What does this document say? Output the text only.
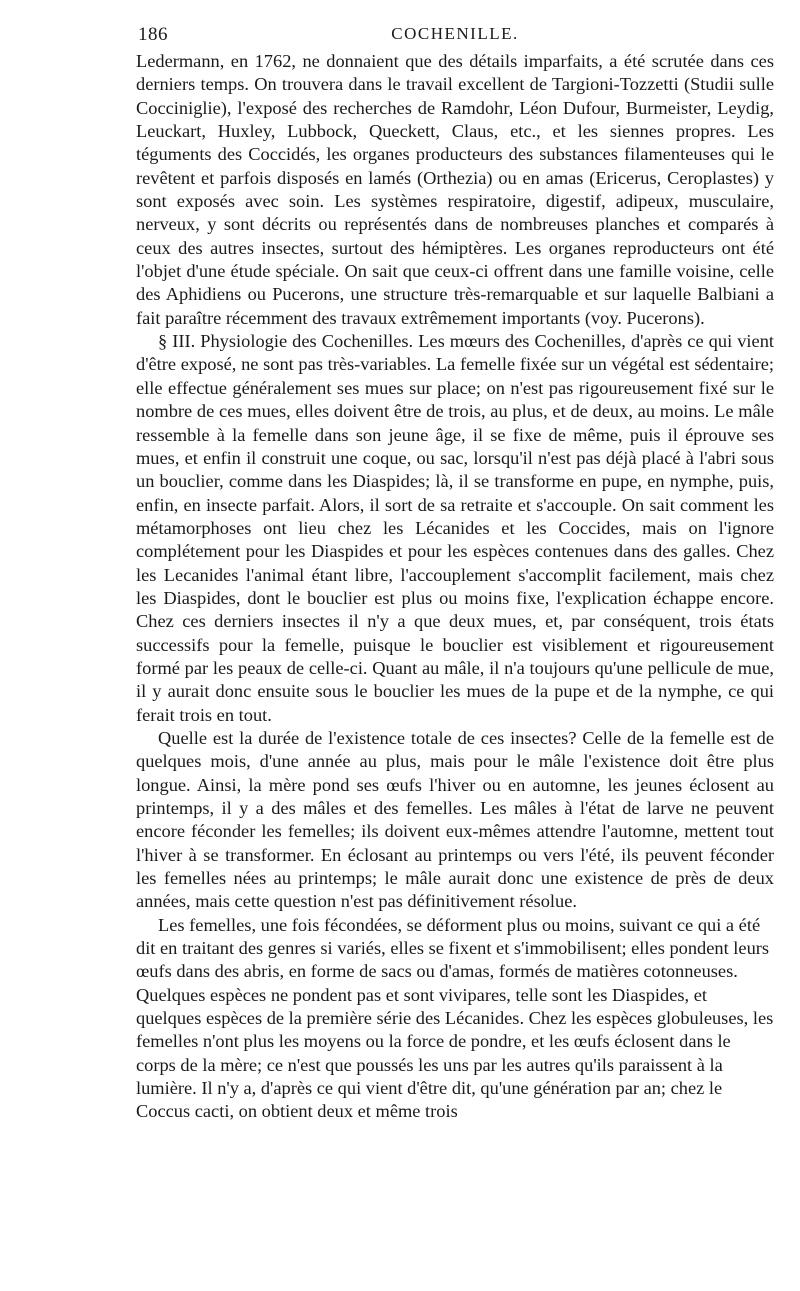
186	COCHENILLE.

Ledermann, en 1762, ne donnaient que des détails imparfaits, a été scrutée dans ces derniers temps. On trouvera dans le travail excellent de Targioni-Tozzetti (Studii sulle Cocciniglie), l'exposé des recherches de Ramdohr, Léon Dufour, Burmeister, Leydig, Leuckart, Huxley, Lubbock, Queckett, Claus, etc., et les siennes propres. Les téguments des Coccidés, les organes producteurs des substances filamenteuses qui le revêtent et parfois disposés en lamés (Orthezia) ou en amas (Ericerus, Ceroplastes) y sont exposés avec soin. Les systèmes respiratoire, digestif, adipeux, musculaire, nerveux, y sont décrits ou représentés dans de nombreuses planches et comparés à ceux des autres insectes, surtout des hémiptères. Les organes reproducteurs ont été l'objet d'une étude spéciale. On sait que ceux-ci offrent dans une famille voisine, celle des Aphidiens ou Pucerons, une structure très-remarquable et sur laquelle Balbiani a fait paraître récemment des travaux extrêmement importants (voy. Pucerons).

§ III. Physiologie des Cochenilles. Les mœurs des Cochenilles, d'après ce qui vient d'être exposé, ne sont pas très-variables. La femelle fixée sur un végétal est sédentaire; elle effectue généralement ses mues sur place; on n'est pas rigoureusement fixé sur le nombre de ces mues, elles doivent être de trois, au plus, et de deux, au moins. Le mâle ressemble à la femelle dans son jeune âge, il se fixe de même, puis il éprouve ses mues, et enfin il construit une coque, ou sac, lorsqu'il n'est pas déjà placé à l'abri sous un bouclier, comme dans les Diaspides; là, il se transforme en pupe, en nymphe, puis, enfin, en insecte parfait. Alors, il sort de sa retraite et s'accouple. On sait comment les métamorphoses ont lieu chez les Lécanides et les Coccides, mais on l'ignore complétement pour les Diaspides et pour les espèces contenues dans des galles. Chez les Lecanides l'animal étant libre, l'accouplement s'accomplit facilement, mais chez les Diaspides, dont le bouclier est plus ou moins fixe, l'explication échappe encore. Chez ces derniers insectes il n'y a que deux mues, et, par conséquent, trois états successifs pour la femelle, puisque le bouclier est visiblement et rigoureusement formé par les peaux de celle-ci. Quant au mâle, il n'a toujours qu'une pellicule de mue, il y aurait donc ensuite sous le bouclier les mues de la pupe et de la nymphe, ce qui ferait trois en tout.

Quelle est la durée de l'existence totale de ces insectes? Celle de la femelle est de quelques mois, d'une année au plus, mais pour le mâle l'existence doit être plus longue. Ainsi, la mère pond ses œufs l'hiver ou en automne, les jeunes éclosent au printemps, il y a des mâles et des femelles. Les mâles à l'état de larve ne peuvent encore féconder les femelles; ils doivent eux-mêmes attendre l'automne, mettent tout l'hiver à se transformer. En éclosant au printemps ou vers l'été, ils peuvent féconder les femelles nées au printemps; le mâle aurait donc une existence de près de deux années, mais cette question n'est pas définitivement résolue.

Les femelles, une fois fécondées, se déforment plus ou moins, suivant ce qui a été dit en traitant des genres si variés, elles se fixent et s'immobilisent; elles pondent leurs œufs dans des abris, en forme de sacs ou d'amas, formés de matières cotonneuses. Quelques espèces ne pondent pas et sont vivipares, telle sont les Diaspides, et quelques espèces de la première série des Lécanides. Chez les espèces globuleuses, les femelles n'ont plus les moyens ou la force de pondre, et les œufs éclosent dans le corps de la mère; ce n'est que poussés les uns par les autres qu'ils paraissent à la lumière. Il n'y a, d'après ce qui vient d'être dit, qu'une génération par an; chez le Coccus cacti, on obtient deux et même trois
